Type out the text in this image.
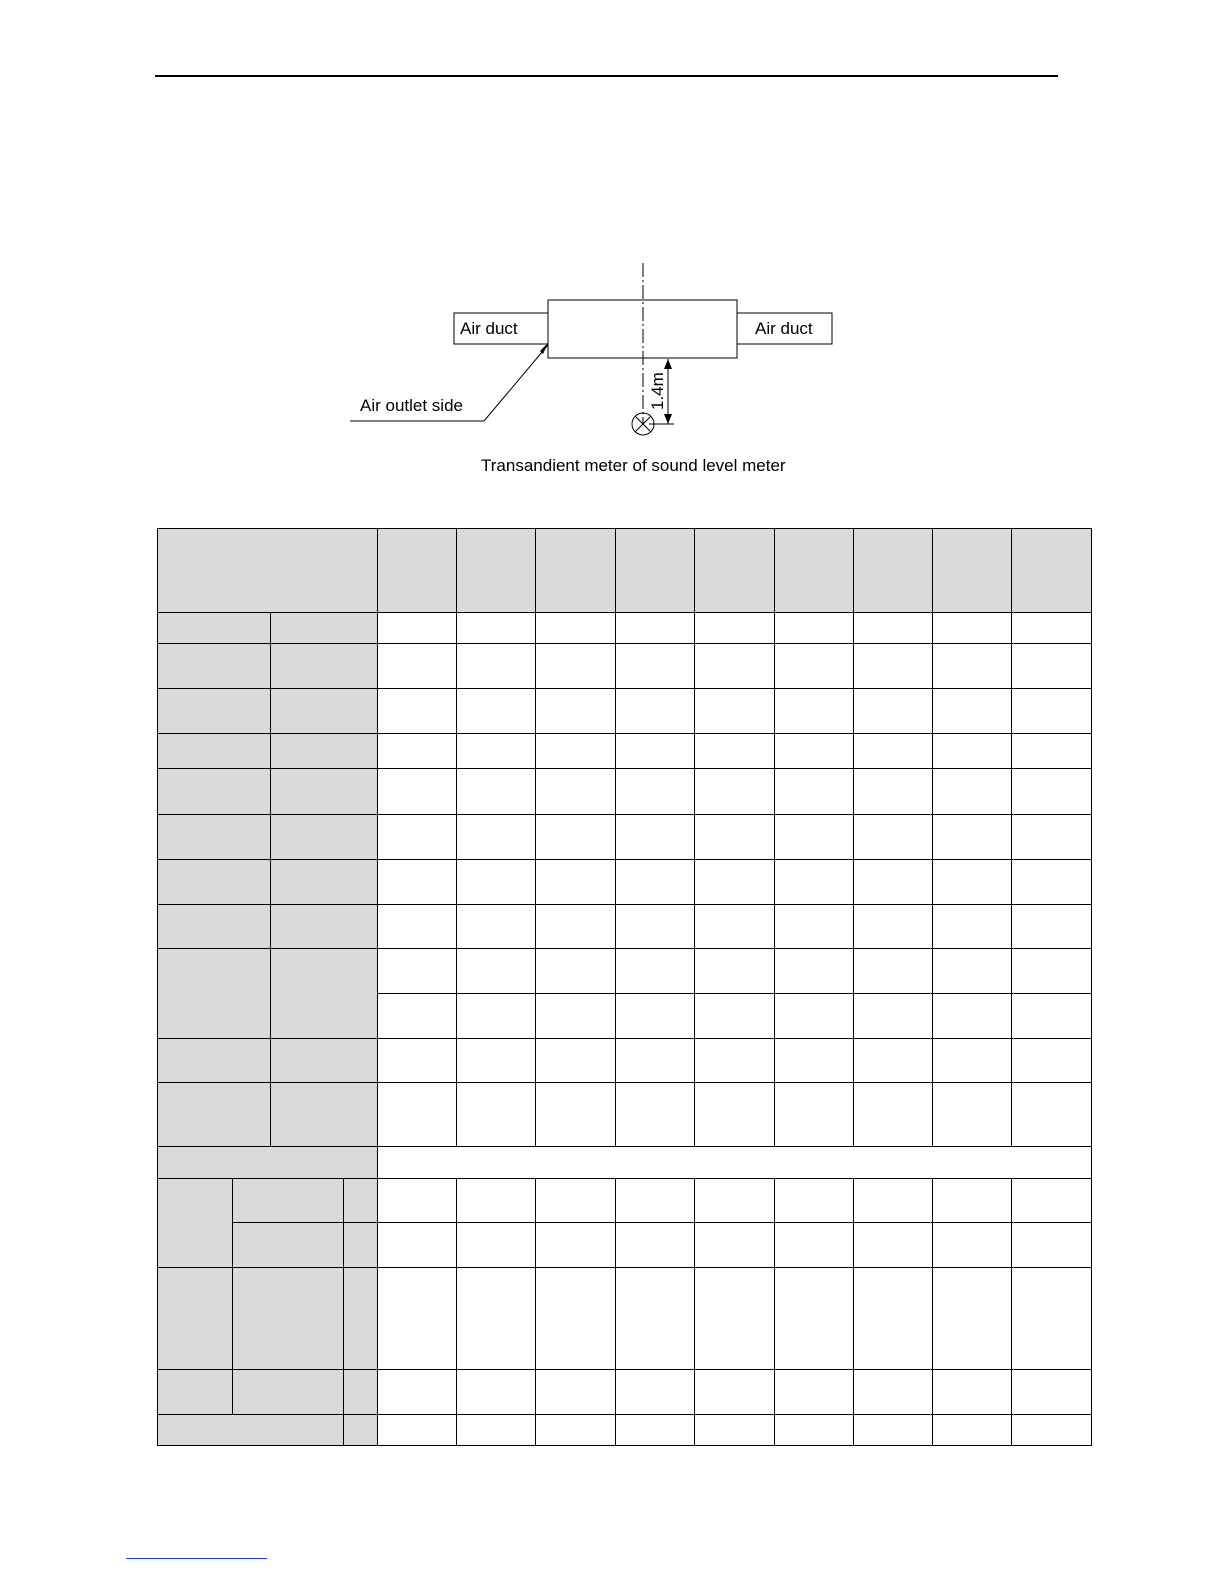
Air duct	Air duct
Air outlet side	1.4m
Transandient meter of sound level meter
